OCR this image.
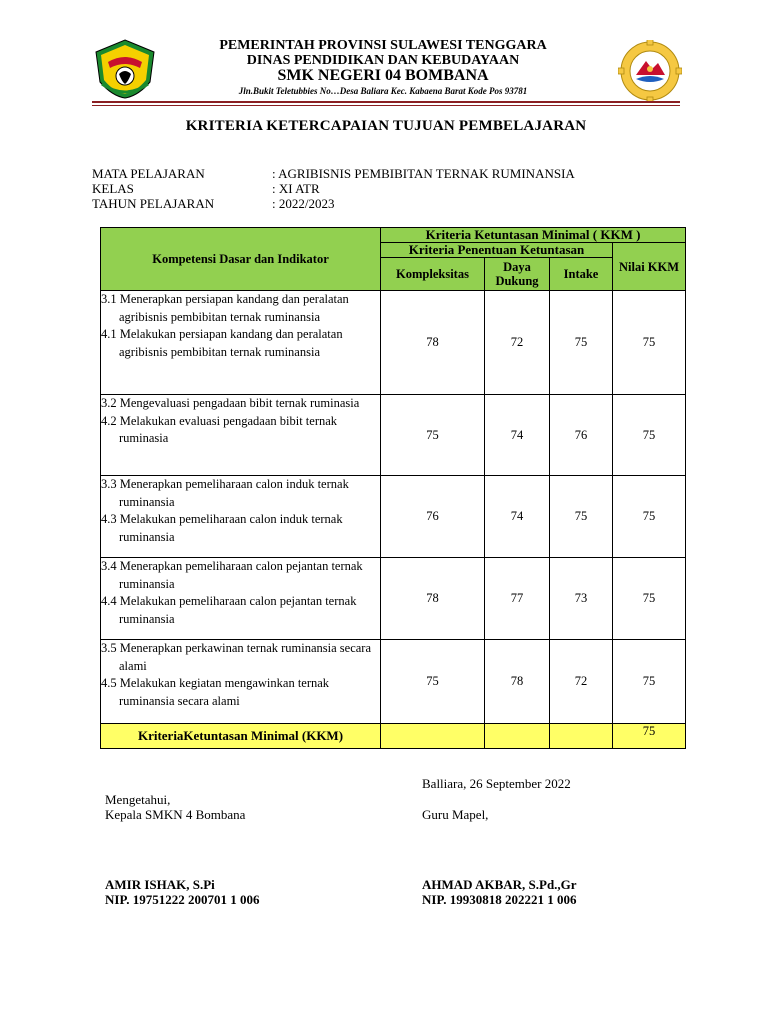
PEMERINTAH PROVINSI SULAWESI TENGGARA
DINAS PENDIDIKAN DAN KEBUDAYAAN
SMK NEGERI 04 BOMBANA
Jln.Bukit Teletubbies No…Desa Baliara Kec. Kabaena Barat Kode Pos 93781
KRITERIA KETERCAPAIAN TUJUAN PEMBELAJARAN
MATA PELAJARAN	: AGRIBISNIS PEMBIBITAN TERNAK RUMINANSIA
KELAS	: XI ATR
TAHUN PELAJARAN	: 2022/2023
Kompetensi Dasar dan Indikator	Kriteria Ketuntasan Minimal ( KKM )			
	Kriteria Penentuan Ketuntasan			Nilai KKM
	Kompleksitas	Daya Dukung	Intake	

3.1 Menerapkan persiapan kandang dan peralatan agribisnis pembibitan ternak ruminansia
4.1 Melakukan persiapan kandang dan peralatan agribisnis pembibitan ternak ruminansia	78	72	75	75

3.2 Mengevaluasi pengadaan bibit ternak ruminasia
4.2 Melakukan evaluasi pengadaan bibit ternak ruminasia	75	74	76	75

3.3 Menerapkan pemeliharaan calon induk ternak ruminansia
4.3 Melakukan pemeliharaan calon induk ternak ruminansia	76	74	75	75

3.4 Menerapkan pemeliharaan calon pejantan ternak ruminansia
4.4 Melakukan pemeliharaan calon pejantan ternak ruminansia	78	77	73	75

3.5 Menerapkan perkawinan ternak ruminansia secara alami
4.5 Melakukan kegiatan mengawinkan ternak ruminansia secara alami	75	78	72	75
KriteriaKetuntasan Minimal (KKM)				75
Balliara, 26 September 2022
Mengetahui,
Kepala SMKN 4 Bombana	Guru Mapel,
AMIR ISHAK, S.Pi
NIP. 19751222 200701 1 006
AHMAD AKBAR, S.Pd.,Gr
NIP. 19930818 202221 1 006
